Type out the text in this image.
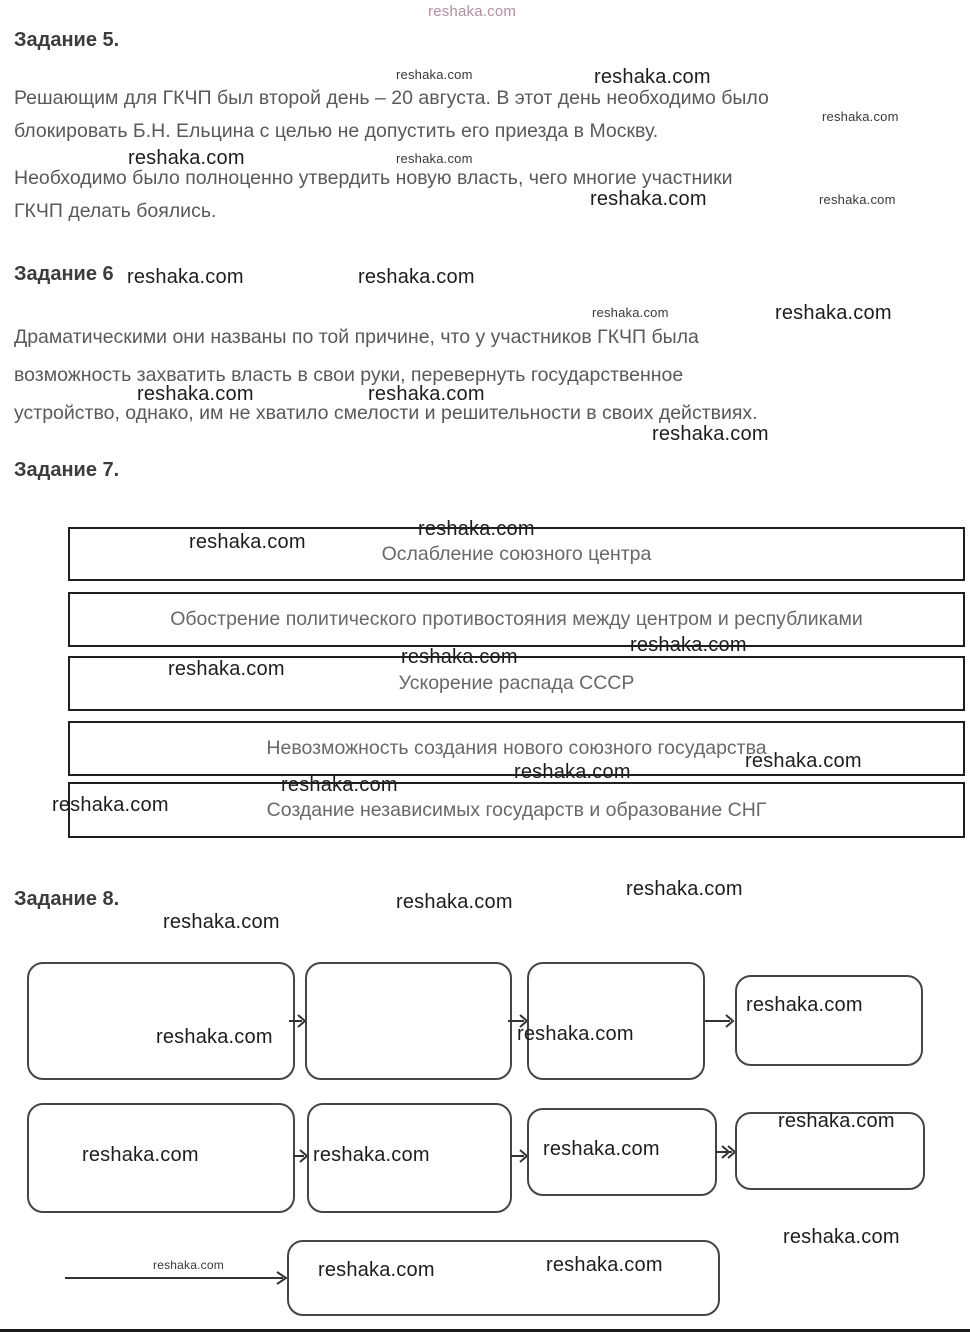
reshaka.com
reshaka.com	reshaka.com
reshaka.com
reshaka.com	reshaka.com
reshaka.com	reshaka.com
reshaka.com	reshaka.com
reshaka.com	reshaka.com
reshaka.com	reshaka.com
reshaka.com
reshaka.com
reshaka.com
reshaka.com
reshaka.com
reshaka.com
reshaka.com
reshaka.com
reshaka.com
reshaka.com
reshaka.com
reshaka.com
reshaka.com
reshaka.com	reshaka.com
reshaka.com
reshaka.com	reshaka.com	reshaka.com
reshaka.com
reshaka.com	reshaka.com	reshaka.com
reshaka.com
Задание 5.
Решающим для ГКЧП был второй день – 20 августа. В этот день необходимо было
блокировать Б.Н. Ельцина с целью не допустить его приезда в Москву.
Необходимо было полноценно утвердить новую власть, чего многие участники
ГКЧП делать боялись.
Задание 6
Драматическими они названы по той причине, что у участников ГКЧП была
возможность захватить власть в свои руки, перевернуть государственное
устройство, однако, им не хватило смелости и решительности в своих действиях.
Задание 7.
Ослабление союзного центра
Обострение политического противостояния между центром и республиками
Ускорение распада СССР
Невозможность создания нового союзного государства
Создание независимых государств и образование СНГ
Задание 8.
